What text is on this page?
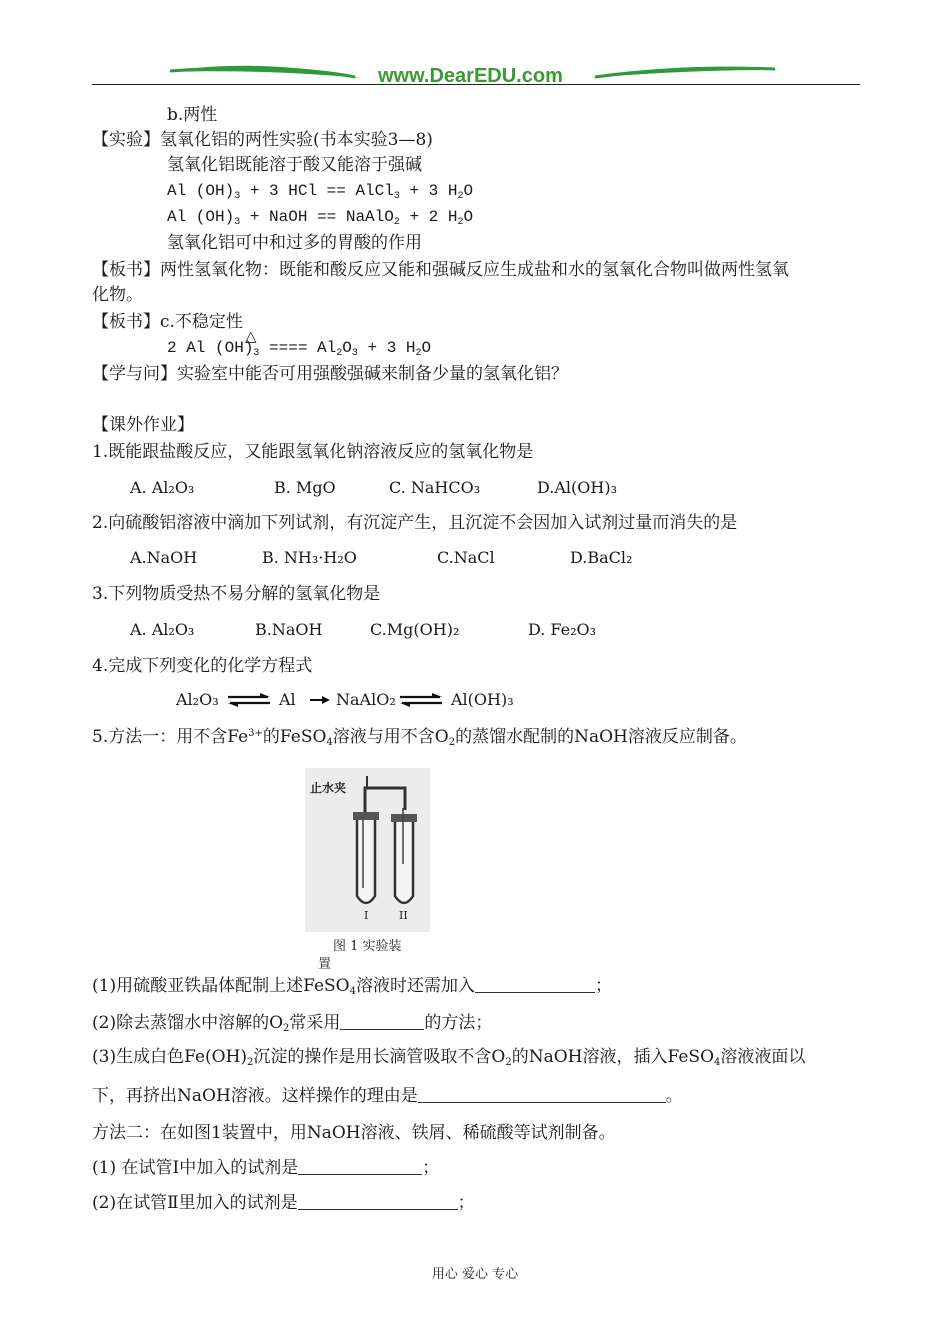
www.DearEDU.com
b.两性
【实验】氢氧化铝的两性实验(书本实验3—8)
氢氧化铝既能溶于酸又能溶于强碱
Al $(OH)_3 + 3$ HCl == AlCl$_3$ + 3 $H_2O$
Al $(OH)_3$ + NaOH == NaAlO$_2$ + 2 $H_2O$
氢氧化铝可中和过多的胃酸的作用
【板书】两性氢氧化物：既能和酸反应又能和强碱反应生成盐和水的氢氧化合物叫做两性氢氧
化物。
【板书】c.不稳定性
2 Al $(OH)_3$ ==== $Al_2O_3 + 3$ $H_2O$
△
【学与问】实验室中能否可用强酸强碱来制备少量的氢氧化铝？
【课外作业】
1.既能跟盐酸反应，又能跟氢氧化钠溶液反应的氢氧化物是
A. Al₂O₃	B. MgO	C. NaHCO₃	D.Al(OH)₃
2.向硫酸铝溶液中滴加下列试剂，有沉淀产生，且沉淀不会因加入试剂过量而消失的是
A.NaOH	B. NH₃·H₂O	C.NaCl	D.BaCl₂
3.下列物质受热不易分解的氢氧化物是
A. Al₂O₃	B.NaOH	C.Mg(OH)₂	D. Fe₂O₃
4.完成下列变化的化学方程式
Al₂O₃ ⇌ Al	NaAlO₂ ⇌ Al(OH)₃
5.方法一：用不含$Fe^{3+}$的FeSO$_4$溶液与用不含$O_2$的蒸馏水配制的NaOH溶液反应制备。
止水夹
I	II
图 1 实验装
置
(1)用硫酸亚铁晶体配制上述FeSO$_4$溶液时还需加入	；
(2)除去蒸馏水中溶解的$O_2$常采用	的方法；
(3)生成白色$Fe(OH)_2$沉淀的操作是用长滴管吸取不含$O_2$的NaOH溶液，插入FeSO$_4$溶液液面以
下，再挤出NaOH溶液。这样操作的理由是	。
方法二：在如图1装置中，用NaOH溶液、铁屑、稀硫酸等试剂制备。
(1) 在试管Ⅰ中加入的试剂是	；
(2)在试管Ⅱ里加入的试剂是	；
用心 爱心 专心
